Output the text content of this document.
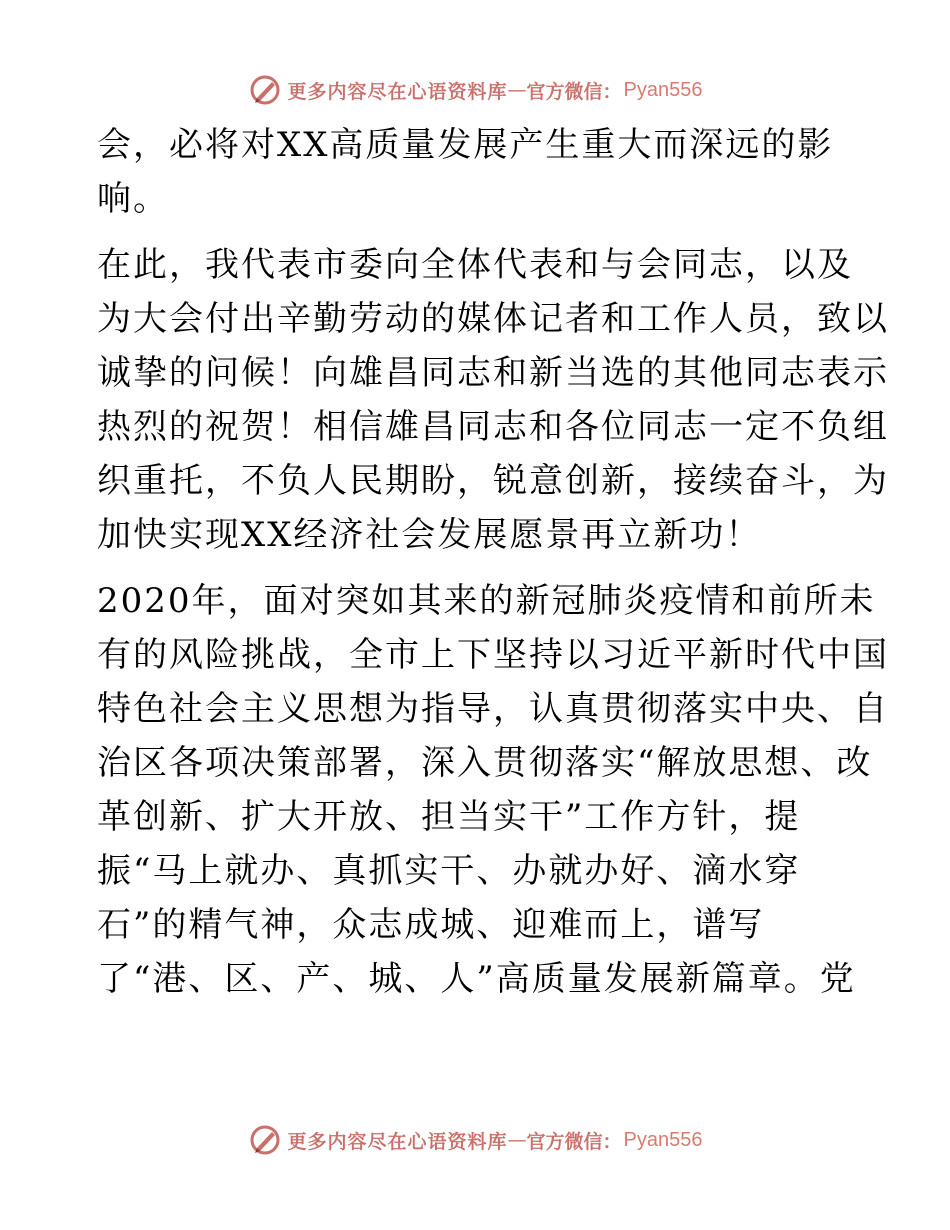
更多内容尽在心语资料库 — 官方微信： Pyan556
会，必将对XX高质量发展产生重大而深远的影
响。
在此，我代表市委向全体代表和与会同志，以及
为大会付出辛勤劳动的媒体记者和工作人员，致以
诚挚的问候！向雄昌同志和新当选的其他同志表示
热烈的祝贺！相信雄昌同志和各位同志一定不负组
织重托，不负人民期盼，锐意创新，接续奋斗，为
加快实现XX经济社会发展愿景再立新功！
2020年，面对突如其来的新冠肺炎疫情和前所未
有的风险挑战，全市上下坚持以习近平新时代中国
特色社会主义思想为指导，认真贯彻落实中央、自
治区各项决策部署，深入贯彻落实“解放思想、改
革创新、扩大开放、担当实干”工作方针，提
振“马上就办、真抓实干、办就办好、滴水穿
石”的精气神，众志成城、迎难而上，谱写
了“港、区、产、城、人”高质量发展新篇章。党
更多内容尽在心语资料库 — 官方微信： Pyan556
